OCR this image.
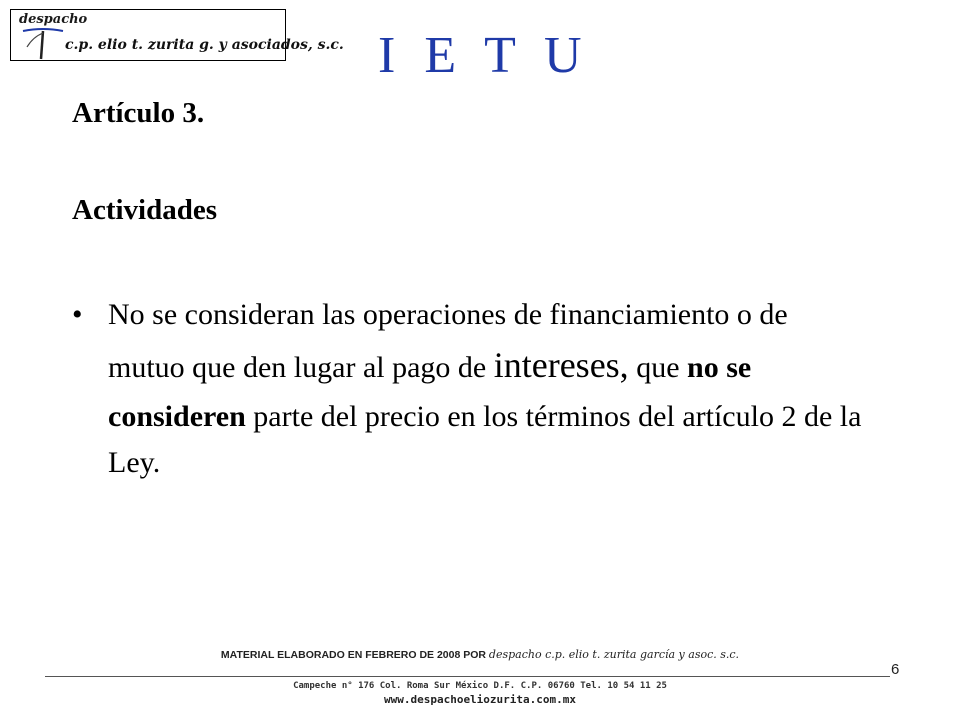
despacho
c.p. elio t. zurita g. y asociados, s.c. I E T U
Artículo 3.
Actividades
• No se consideran las operaciones de financiamiento o de mutuo que den lugar al pago de intereses, que no se consideren parte del precio en los términos del artículo 2 de la Ley.
MATERIAL ELABORADO EN FEBRERO DE 2008 POR despacho c.p. elio t. zurita garcía y asoc. s.c.
6
Campeche n° 176 Col. Roma Sur México D.F. C.P. 06760 Tel. 10 54 11 25
www.despachoeliozurita.com.mx
